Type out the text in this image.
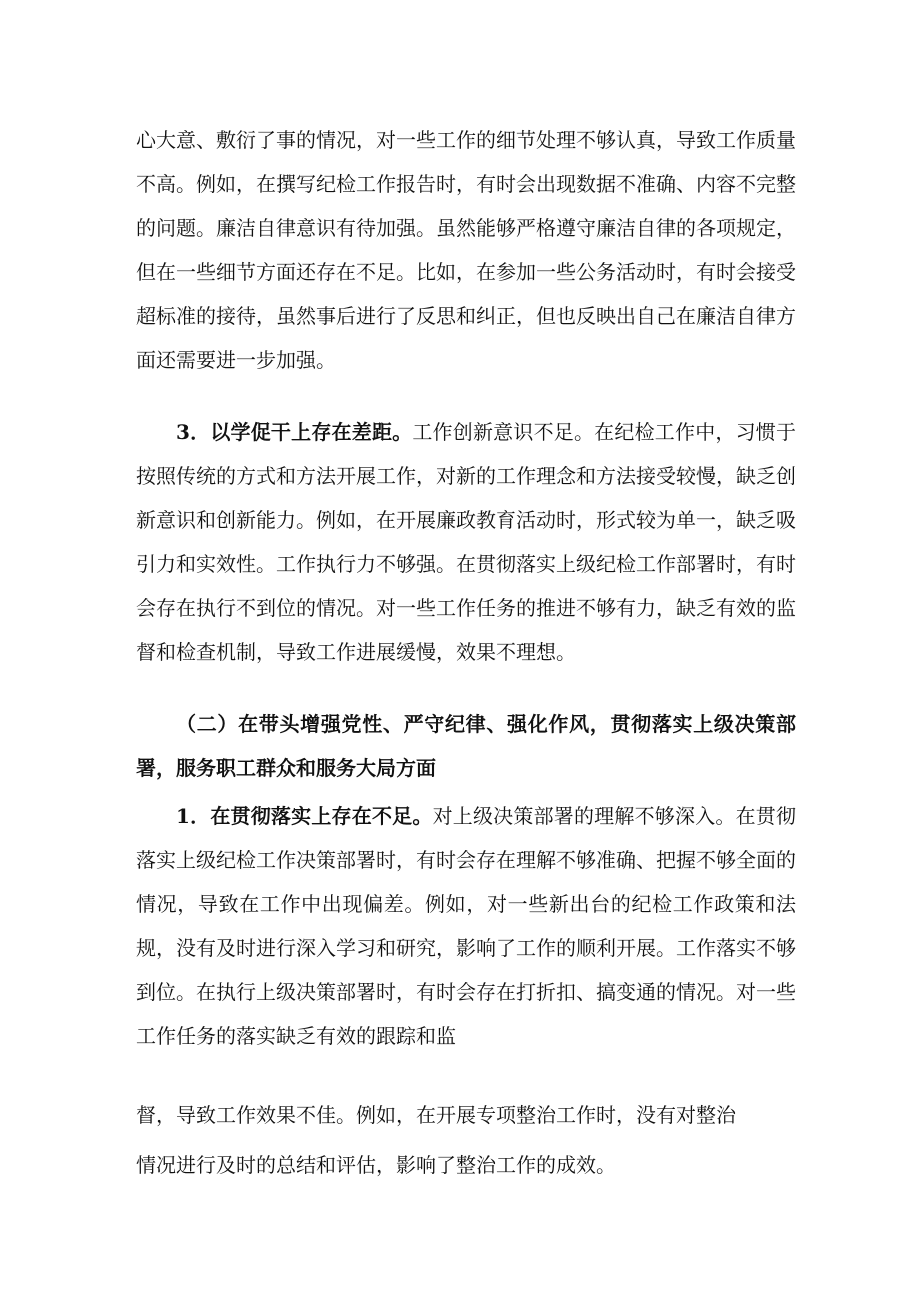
心大意、敷衍了事的情况，对一些工作的细节处理不够认真，导致工作质量不高。例如，在撰写纪检工作报告时，有时会出现数据不准确、内容不完整的问题。廉洁自律意识有待加强。虽然能够严格遵守廉洁自律的各项规定，但在一些细节方面还存在不足。比如，在参加一些公务活动时，有时会接受超标准的接待，虽然事后进行了反思和纠正，但也反映出自己在廉洁自律方面还需要进一步加强。

3．以学促干上存在差距。工作创新意识不足。在纪检工作中，习惯于按照传统的方式和方法开展工作，对新的工作理念和方法接受较慢，缺乏创新意识和创新能力。例如，在开展廉政教育活动时，形式较为单一，缺乏吸引力和实效性。工作执行力不够强。在贯彻落实上级纪检工作部署时，有时会存在执行不到位的情况。对一些工作任务的推进不够有力，缺乏有效的监督和检查机制，导致工作进展缓慢，效果不理想。

（二）在带头增强党性、严守纪律、强化作风，贯彻落实上级决策部署，服务职工群众和服务大局方面

1．在贯彻落实上存在不足。对上级决策部署的理解不够深入。在贯彻落实上级纪检工作决策部署时，有时会存在理解不够准确、把握不够全面的情况，导致在工作中出现偏差。例如，对一些新出台的纪检工作政策和法规，没有及时进行深入学习和研究，影响了工作的顺利开展。工作落实不够到位。在执行上级决策部署时，有时会存在打折扣、搞变通的情况。对一些工作任务的落实缺乏有效的跟踪和监

督，导致工作效果不佳。例如，在开展专项整治工作时，没有对整治

情况进行及时的总结和评估，影响了整治工作的成效。
